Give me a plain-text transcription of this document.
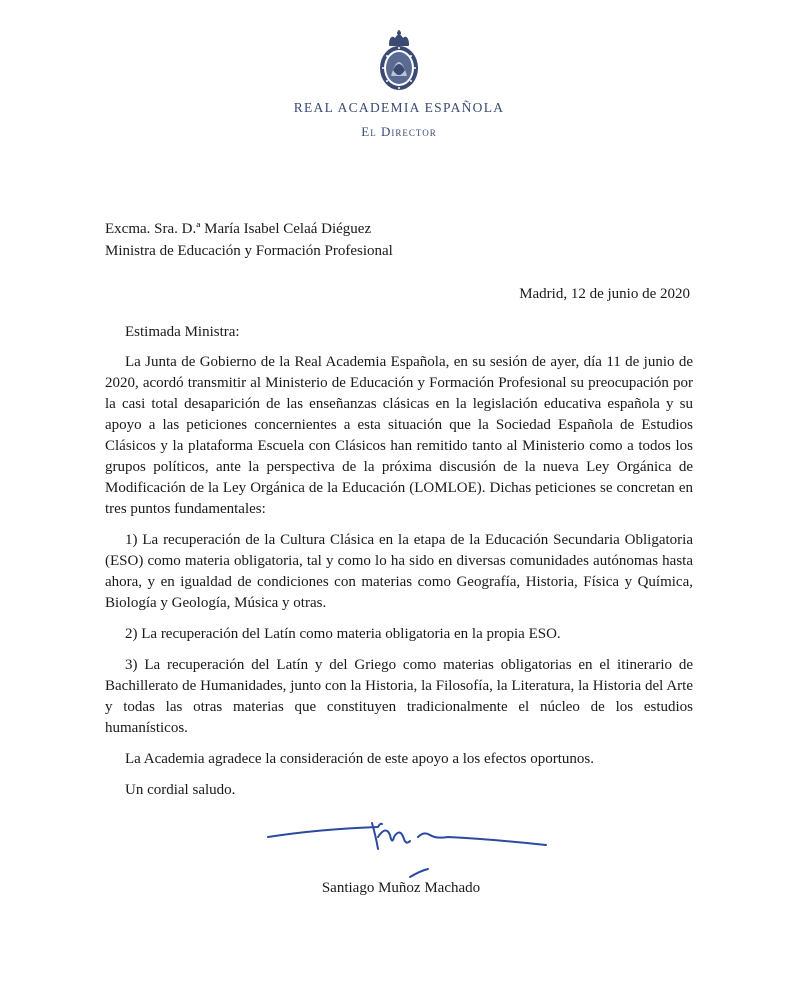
REAL ACADEMIA ESPAÑOLA
El Director
Excma. Sra. D.ª María Isabel Celaá Diéguez
Ministra de Educación y Formación Profesional
Madrid, 12 de junio de 2020

Estimada Ministra:

La Junta de Gobierno de la Real Academia Española, en su sesión de ayer, día 11 de junio de 2020, acordó transmitir al Ministerio de Educación y Formación Profesional su preocupación por la casi total desaparición de las enseñanzas clásicas en la legislación educativa española y su apoyo a las peticiones concernientes a esta situación que la Sociedad Española de Estudios Clásicos y la plataforma Escuela con Clásicos han remitido tanto al Ministerio como a todos los grupos políticos, ante la perspectiva de la próxima discusión de la nueva Ley Orgánica de Modificación de la Ley Orgánica de la Educación (LOMLOE). Dichas peticiones se concretan en tres puntos fundamentales:

1) La recuperación de la Cultura Clásica en la etapa de la Educación Secundaria Obligatoria (ESO) como materia obligatoria, tal y como lo ha sido en diversas comunidades autónomas hasta ahora, y en igualdad de condiciones con materias como Geografía, Historia, Física y Química, Biología y Geología, Música y otras.

2) La recuperación del Latín como materia obligatoria en la propia ESO.

3) La recuperación del Latín y del Griego como materias obligatorias en el itinerario de Bachillerato de Humanidades, junto con la Historia, la Filosofía, la Literatura, la Historia del Arte y todas las otras materias que constituyen tradicionalmente el núcleo de los estudios humanísticos.

La Academia agradece la consideración de este apoyo a los efectos oportunos.

Un cordial saludo.

Santiago Muñoz Machado
